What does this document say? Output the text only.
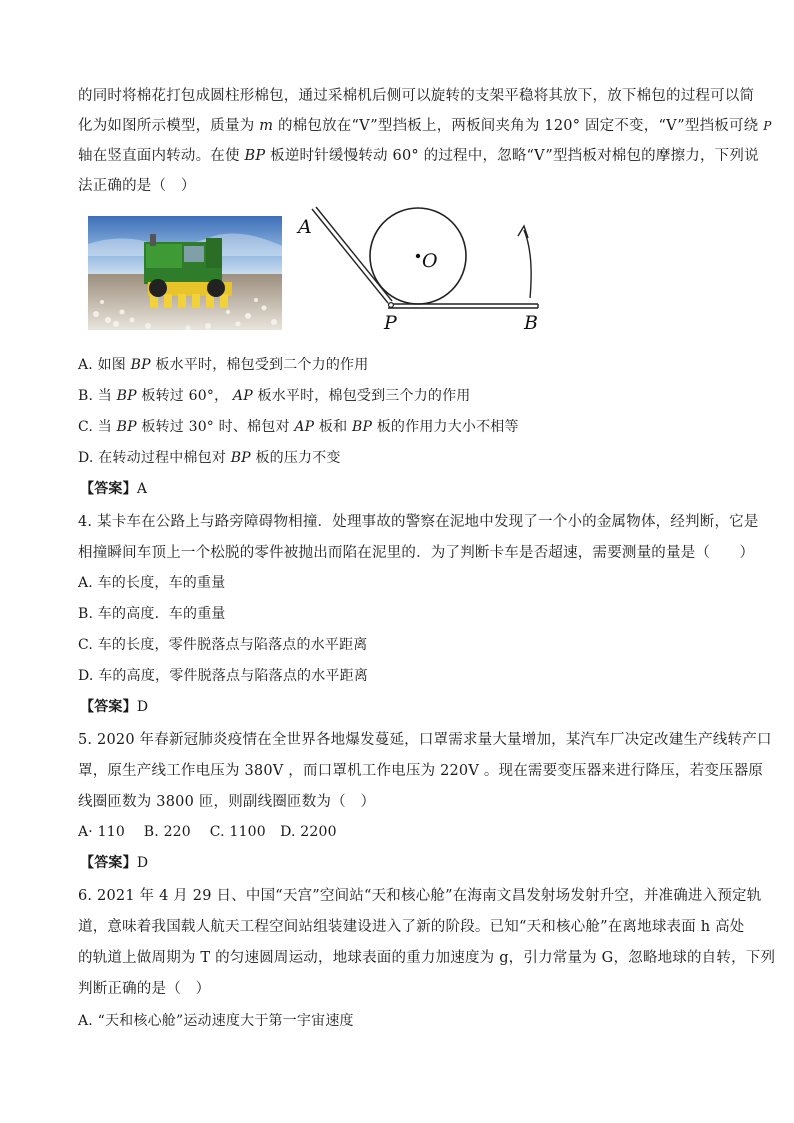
的同时将棉花打包成圆柱形棉包，通过采棉机后侧可以旋转的支架平稳将其放下，放下棉包的过程可以简
化为如图所示模型，质量为 m 的棉包放在“V”型挡板上，两板间夹角为 120° 固定不变，“V”型挡板可绕 P
轴在竖直面内转动。在使 BP 板逆时针缓慢转动 60° 的过程中，忽略“V”型挡板对棉包的摩擦力，下列说
法正确的是（　）
A
O
P	B
A. 如图 BP 板水平时，棉包受到二个力的作用
B. 当 BP 板转过 60°， AP 板水平时，棉包受到三个力的作用
C. 当 BP 板转过 30° 时、棉包对 AP 板和 BP 板的作用力大小不相等
D. 在转动过程中棉包对 BP 板的压力不变
【答案】A
4. 某卡车在公路上与路旁障碍物相撞．处理事故的警察在泥地中发现了一个小的金属物体，经判断，它是
相撞瞬间车顶上一个松脱的零件被抛出而陷在泥里的．为了判断卡车是否超速，需要测量的量是（　　）
A. 车的长度，车的重量
B. 车的高度．车的重量
C. 车的长度，零件脱落点与陷落点的水平距离
D. 车的高度，零件脱落点与陷落点的水平距离
【答案】D
5. 2020 年春新冠肺炎疫情在全世界各地爆发蔓延，口罩需求量大量增加，某汽车厂决定改建生产线转产口
罩，原生产线工作电压为 380V ，而口罩机工作电压为 220V 。现在需要变压器来进行降压，若变压器原
线圈匝数为 3800 匝，则副线圈匝数为（　）
A· 110　 B. 220　 C. 1100　D. 2200
【答案】D
6. 2021 年 4 月 29 日、中国“天宫”空间站“天和核心舱”在海南文昌发射场发射升空，并准确进入预定轨
道，意味着我国载人航天工程空间站组装建设进入了新的阶段。已知“天和核心舱”在离地球表面 h 高处
的轨道上做周期为 T 的匀速圆周运动，地球表面的重力加速度为 g，引力常量为 G，忽略地球的自转，下列
判断正确的是（　）
A. “天和核心舱”运动速度大于第一宇宙速度
